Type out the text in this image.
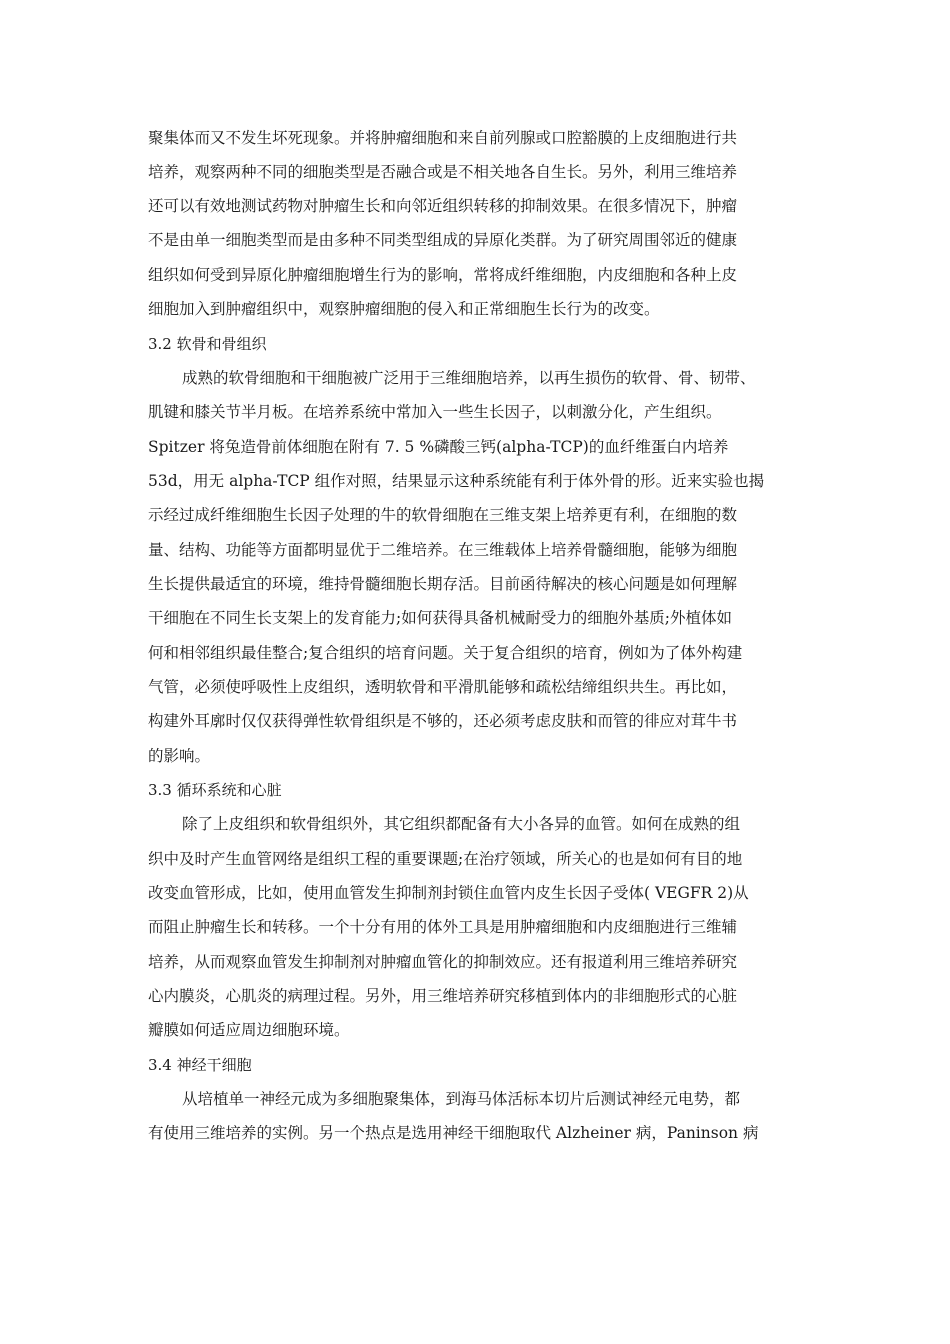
聚集体而又不发生坏死现象。并将肿瘤细胞和来自前列腺或口腔豁膜的上皮细胞进行共
培养，观察两种不同的细胞类型是否融合或是不相关地各自生长。另外，利用三维培养
还可以有效地测试药物对肿瘤生长和向邻近组织转移的抑制效果。在很多情况下，肿瘤
不是由单一细胞类型而是由多种不同类型组成的异原化类群。为了研究周围邻近的健康
组织如何受到异原化肿瘤细胞增生行为的影响，常将成纤维细胞，内皮细胞和各种上皮
细胞加入到肿瘤组织中，观察肿瘤细胞的侵入和正常细胞生长行为的改变。
3.2 软骨和骨组织
成熟的软骨细胞和干细胞被广泛用于三维细胞培养，以再生损伤的软骨、骨、韧带、
肌键和膝关节半月板。在培养系统中常加入一些生长因子，以刺激分化，产生组织。
Spitzer 将兔造骨前体细胞在附有 7. 5 %磷酸三钙(alpha-TCP)的血纤维蛋白内培养
53d，用无 alpha-TCP 组作对照，结果显示这种系统能有利于体外骨的形。近来实验也揭
示经过成纤维细胞生长因子处理的牛的软骨细胞在三维支架上培养更有利，在细胞的数
量、结构、功能等方面都明显优于二维培养。在三维载体上培养骨髓细胞，能够为细胞
生长提供最适宜的环境，维持骨髓细胞长期存活。目前函待解决的核心问题是如何理解
干细胞在不同生长支架上的发育能力;如何获得具备机械耐受力的细胞外基质;外植体如
何和相邻组织最佳整合;复合组织的培育问题。关于复合组织的培育，例如为了体外构建
气管，必须使呼吸性上皮组织，透明软骨和平滑肌能够和疏松结缔组织共生。再比如，
构建外耳廓时仅仅获得弹性软骨组织是不够的，还必须考虑皮肤和而管的徘应对茸牛书
的影响。
3.3 循环系统和心脏
除了上皮组织和软骨组织外，其它组织都配备有大小各异的血管。如何在成熟的组
织中及时产生血管网络是组织工程的重要课题;在治疗领域，所关心的也是如何有目的地
改变血管形成，比如，使用血管发生抑制剂封锁住血管内皮生长因子受体( VEGFR 2)从
而阻止肿瘤生长和转移。一个十分有用的体外工具是用肿瘤细胞和内皮细胞进行三维辅
培养，从而观察血管发生抑制剂对肿瘤血管化的抑制效应。还有报道利用三维培养研究
心内膜炎，心肌炎的病理过程。另外，用三维培养研究移植到体内的非细胞形式的心脏
瓣膜如何适应周边细胞环境。
3.4 神经干细胞
从培植单一神经元成为多细胞聚集体，到海马体活标本切片后测试神经元电势，都
有使用三维培养的实例。另一个热点是选用神经干细胞取代 Alzheiner 病，Paninson 病
